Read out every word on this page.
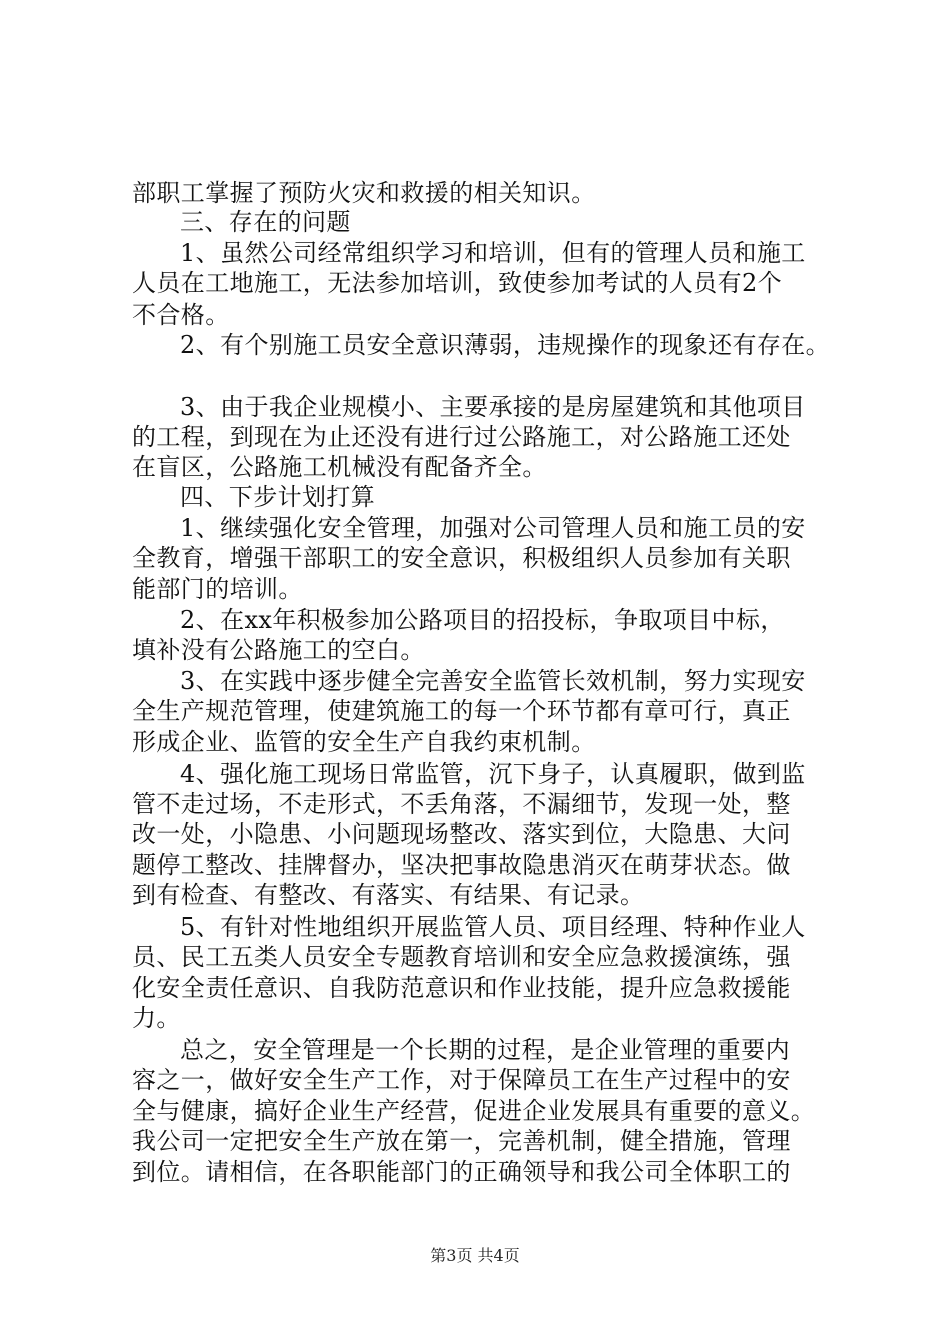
部职工掌握了预防火灾和救援的相关知识。
三、存在的问题
1、虽然公司经常组织学习和培训，但有的管理人员和施工
人员在工地施工，无法参加培训，致使参加考试的人员有2个
不合格。
2、有个别施工员安全意识薄弱，违规操作的现象还有存在。
3、由于我企业规模小、主要承接的是房屋建筑和其他项目
的工程，到现在为止还没有进行过公路施工，对公路施工还处
在盲区，公路施工机械没有配备齐全。
四、下步计划打算
1、继续强化安全管理，加强对公司管理人员和施工员的安
全教育，增强干部职工的安全意识，积极组织人员参加有关职
能部门的培训。
2、在xx年积极参加公路项目的招投标，争取项目中标，
填补没有公路施工的空白。
3、在实践中逐步健全完善安全监管长效机制，努力实现安
全生产规范管理，使建筑施工的每一个环节都有章可行，真正
形成企业、监管的安全生产自我约束机制。
4、强化施工现场日常监管，沉下身子，认真履职，做到监
管不走过场，不走形式，不丢角落，不漏细节，发现一处，整
改一处，小隐患、小问题现场整改、落实到位，大隐患、大问
题停工整改、挂牌督办，坚决把事故隐患消灭在萌芽状态。做
到有检查、有整改、有落实、有结果、有记录。
5、有针对性地组织开展监管人员、项目经理、特种作业人
员、民工五类人员安全专题教育培训和安全应急救援演练，强
化安全责任意识、自我防范意识和作业技能，提升应急救援能
力。
总之，安全管理是一个长期的过程，是企业管理的重要内
容之一，做好安全生产工作，对于保障员工在生产过程中的安
全与健康，搞好企业生产经营，促进企业发展具有重要的意义。
我公司一定把安全生产放在第一，完善机制，健全措施，管理
到位。请相信，在各职能部门的正确领导和我公司全体职工的
第3页 共4页
